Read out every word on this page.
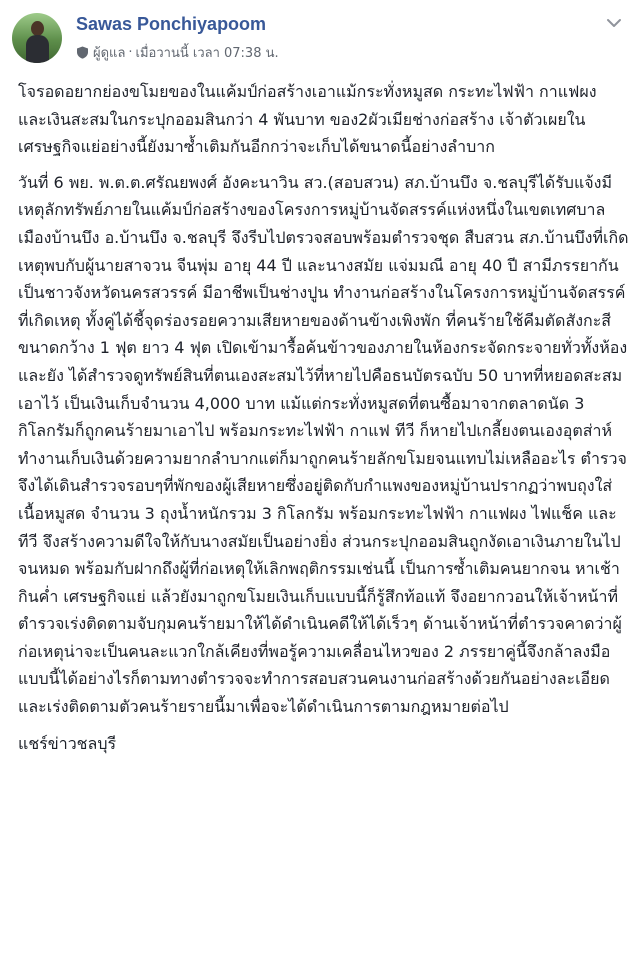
Sawas Ponchiyapoom
ผู้ดูแล · เมื่อวานนี้ เวลา 07:38 น.

โจรอดอยากย่องขโมยของในแค้มป์ก่อสร้างเอาแม้กระทั่งหมูสด กระทะไฟฟ้า กาแฟผง และเงินสะสมในกระปุกออมสินกว่า 4 พันบาท ของ2ผัวเมียช่างก่อสร้าง เจ้าตัวเผยในเศรษฐกิจแย่อย่างนี้ยังมาซ้ำเติมกันอีกกว่าจะเก็บได้ขนาดนี้อย่างลำบาก

วันที่ 6 พย. พ.ต.ต.ศรัณยพงศ์ อังคะนาวิน สว.(สอบสวน) สภ.บ้านบึง จ.ชลบุรีได้รับแจ้งมีเหตุลักทรัพย์ภายในแค้มป์ก่อสร้างของโครงการหมู่บ้านจัดสรรค์แห่งหนึ่งในเขตเทศบาลเมืองบ้านบึง อ.บ้านบึง จ.ชลบุรี จึงรีบไปตรวจสอบพร้อมตำรวจชุด สืบสวน สภ.บ้านบึงที่เกิดเหตุพบกับผู้นายสาจวน จีนพุ่ม อายุ 44 ปี และนางสมัย แจ่มมณี อายุ 40 ปี สามีภรรยากันเป็นชาวจังหวัดนครสวรรค์ มีอาชีพเป็นช่างปูน ทำงานก่อสร้างในโครงการหมู่บ้านจัดสรรค์ที่เกิดเหตุ ทั้งคู่ได้ชี้จุดร่องรอยความเสียหายของด้านข้างเพิงพัก ที่คนร้ายใช้คีมตัดสังกะสีขนาดกว้าง 1 ฟุต ยาว 4 ฟุต เปิดเข้ามารื้อค้นข้าวของภายในห้องกระจัดกระจายทั่วทั้งห้องและยัง ได้สำรวจดูทรัพย์สินที่ตนเองสะสมไว้ที่หายไปคือธนบัตรฉบับ 50 บาทที่หยอดสะสมเอาไว้ เป็นเงินเก็บจำนวน 4,000 บาท แม้แต่กระทั่งหมูสดที่ตนซื้อมาจากตลาดนัด 3 กิโลกรัมก็ถูกคนร้ายมาเอาไป พร้อมกระทะไฟฟ้า กาแฟ ทีวี ก็หายไปเกลี้ยงตนเองอุตส่าห์ทำงานเก็บเงินด้วยความยากลำบากแต่ก็มาถูกคนร้ายลักขโมยจนแทบไม่เหลืออะไร ตำรวจจึงได้เดินสำรวจรอบๆที่พักของผู้เสียหายซึ่งอยู่ติดกับกำแพงของหมู่บ้านปรากฏว่าพบถุงใส่เนื้อหมูสด จำนวน 3 ถุงน้ำหนักรวม 3 กิโลกรัม พร้อมกระทะไฟฟ้า กาแฟผง ไฟแช็ค และทีวี จึงสร้างความดีใจให้กับนางสมัยเป็นอย่างยิ่ง ส่วนกระปุกออมสินถูกงัดเอาเงินภายในไปจนหมด พร้อมกับฝากถึงผู้ที่ก่อเหตุให้เลิกพฤติกรรมเช่นนี้ เป็นการซ้ำเติมคนยากจน หาเช้ากินค่ำ เศรษฐกิจแย่ แล้วยังมาถูกขโมยเงินเก็บแบบนี้ก็รู้สึกท้อแท้ จึงอยากวอนให้เจ้าหน้าที่ตำรวจเร่งติดตามจับกุมคนร้ายมาให้ได้ดำเนินคดีให้ได้เร็วๆ ด้านเจ้าหน้าที่ตำรวจคาดว่าผู้ก่อเหตุน่าจะเป็นคนละแวกใกล้เคียงที่พอรู้ความเคลื่อนไหวของ 2 ภรรยาคู่นี้จึงกล้าลงมือแบบนี้ได้อย่างไรก็ตามทางตำรวจจะทำการสอบสวนคนงานก่อสร้างด้วยกันอย่างละเอียดและเร่งติดตามตัวคนร้ายรายนี้มาเพื่อจะได้ดำเนินการตามกฎหมายต่อไป

แชร์ข่าวชลบุรี
